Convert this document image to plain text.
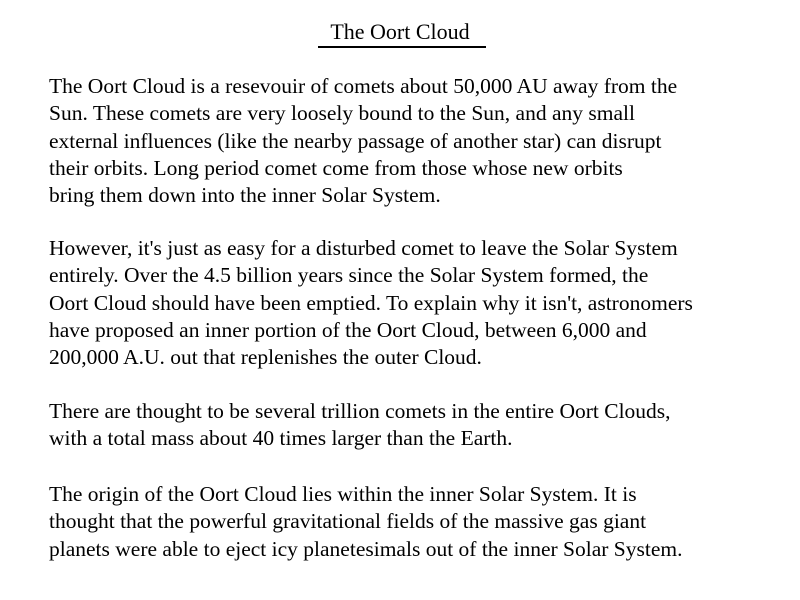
The Oort Cloud

The Oort Cloud is a resevouir of comets about 50,000 AU away from the
Sun. These comets are very loosely bound to the Sun, and any small
external influences (like the nearby passage of another star) can disrupt
their orbits. Long period comet come from those whose new orbits
bring them down into the inner Solar System.

However, it's just as easy for a disturbed comet to leave the Solar System
entirely. Over the 4.5 billion years since the Solar System formed, the
Oort Cloud should have been emptied. To explain why it isn't, astronomers
have proposed an inner portion of the Oort Cloud, between 6,000 and
200,000 A.U. out that replenishes the outer Cloud.

There are thought to be several trillion comets in the entire Oort Clouds,
with a total mass about 40 times larger than the Earth.

The origin of the Oort Cloud lies within the inner Solar System. It is
thought that the powerful gravitational fields of the massive gas giant
planets were able to eject icy planetesimals out of the inner Solar System.
